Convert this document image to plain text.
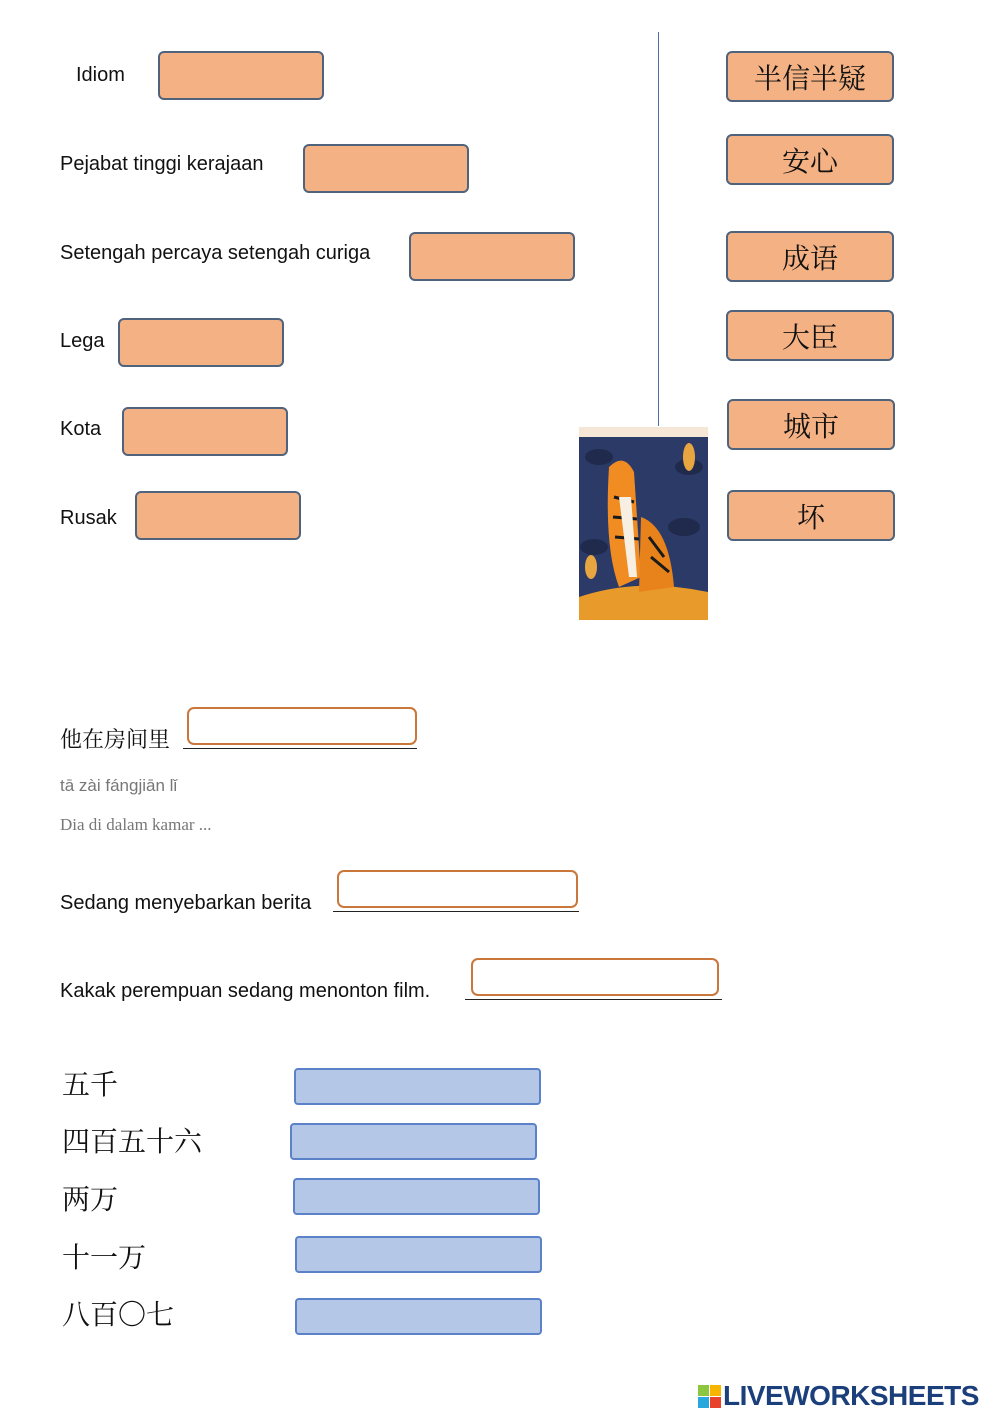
Idiom
Pejabat tinggi kerajaan
Setengah percaya setengah curiga
Lega
Kota
Rusak
半信半疑
安心
成语
大臣
城市
坏
他在房间里
tā zài fángjiān lǐ
Dia di dalam kamar ...
Sedang menyebarkan berita
Kakak perempuan sedang menonton film.
五千
四百五十六
两万
十一万
八百〇七
LIVEWORKSHEETS
